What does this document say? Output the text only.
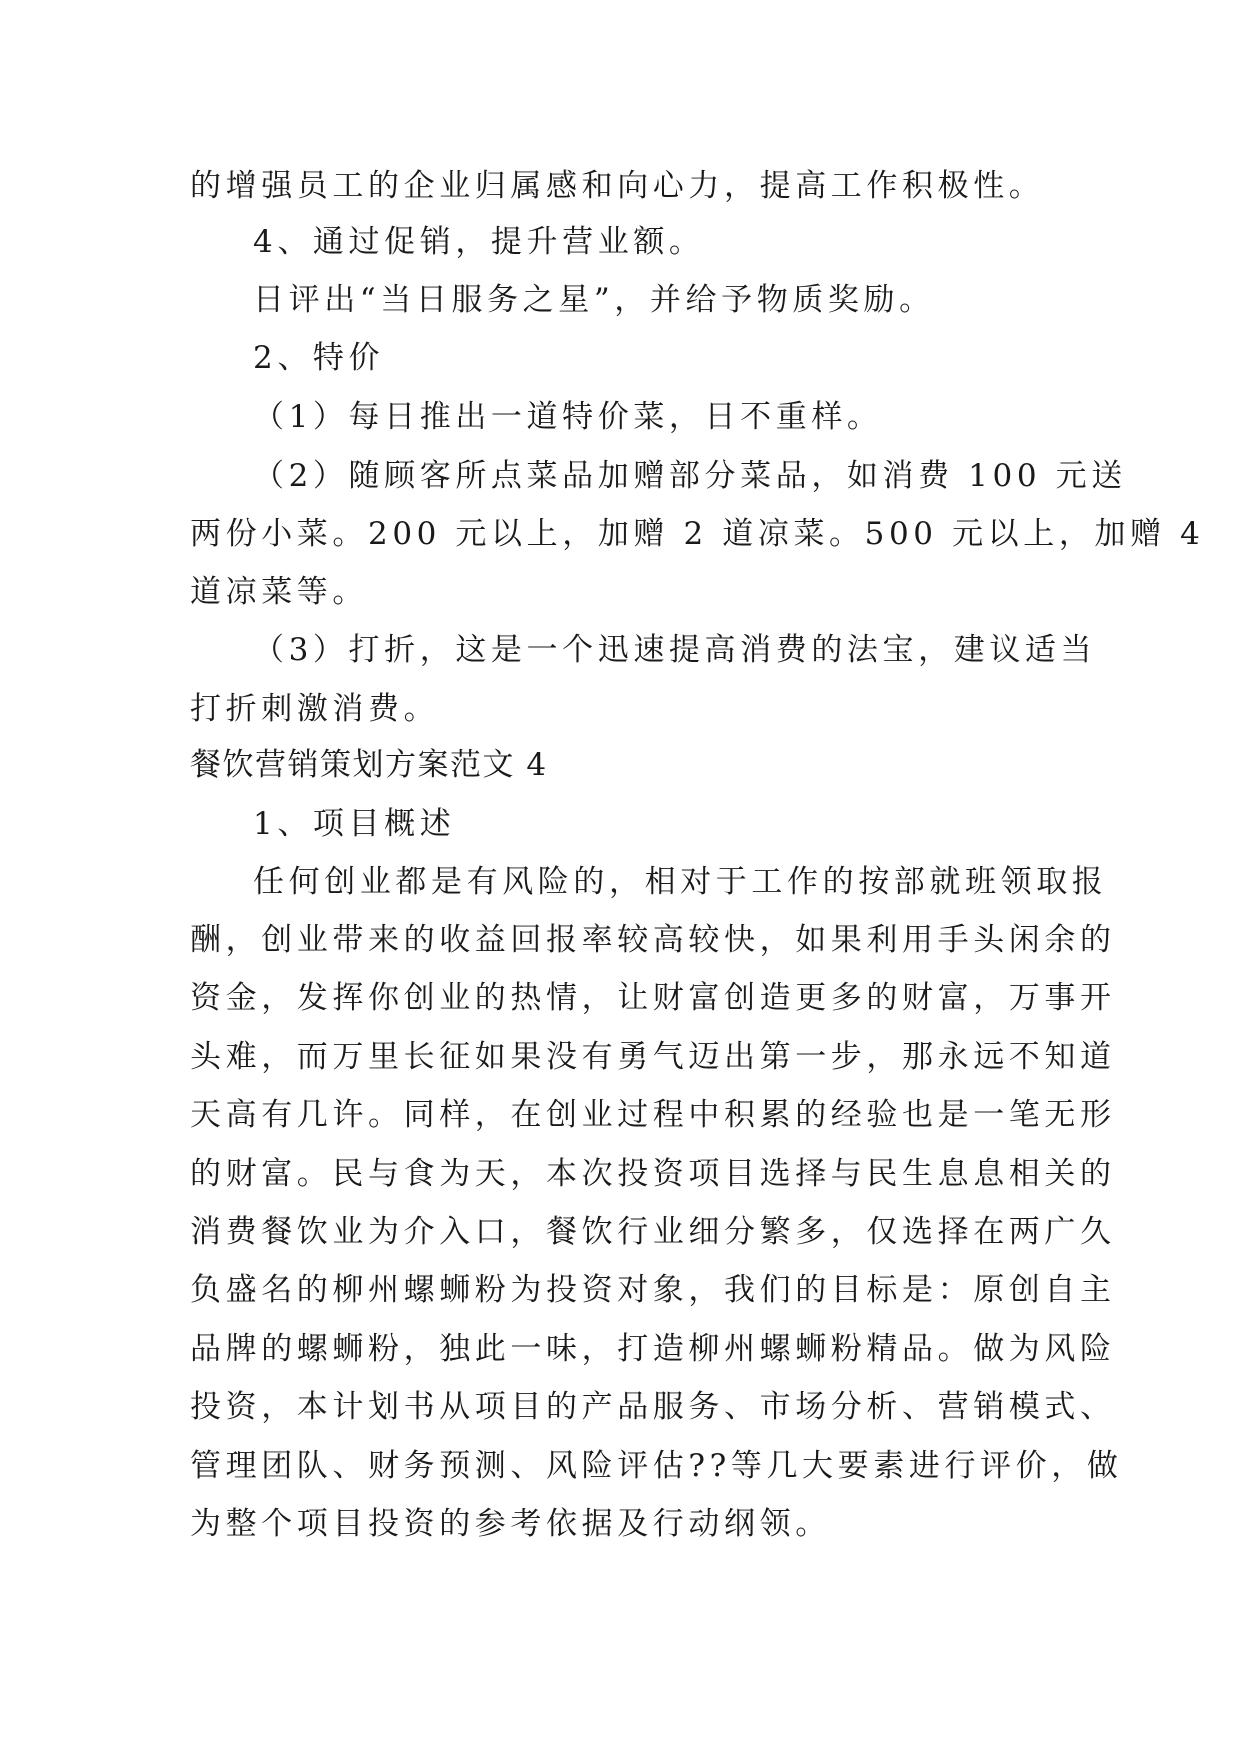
的增强员工的企业归属感和向心力，提高工作积极性。

4、通过促销，提升营业额。

日评出“当日服务之星”，并给予物质奖励。

2、特价

（1）每日推出一道特价菜，日不重样。

（2）随顾客所点菜品加赠部分菜品，如消费 100 元送

两份小菜。200 元以上，加赠 2 道凉菜。500 元以上，加赠 4

道凉菜等。

（3）打折，这是一个迅速提高消费的法宝，建议适当

打折刺激消费。

餐饮营销策划方案范文 4

1、项目概述

任何创业都是有风险的，相对于工作的按部就班领取报

酬，创业带来的收益回报率较高较快，如果利用手头闲余的

资金，发挥你创业的热情，让财富创造更多的财富，万事开

头难，而万里长征如果没有勇气迈出第一步，那永远不知道

天高有几许。同样，在创业过程中积累的经验也是一笔无形

的财富。民与食为天，本次投资项目选择与民生息息相关的

消费餐饮业为介入口，餐饮行业细分繁多，仅选择在两广久

负盛名的柳州螺蛳粉为投资对象，我们的目标是：原创自主

品牌的螺蛳粉，独此一味，打造柳州螺蛳粉精品。做为风险

投资，本计划书从项目的产品服务、市场分析、营销模式、

管理团队、财务预测、风险评估??等几大要素进行评价，做

为整个项目投资的参考依据及行动纲领。
